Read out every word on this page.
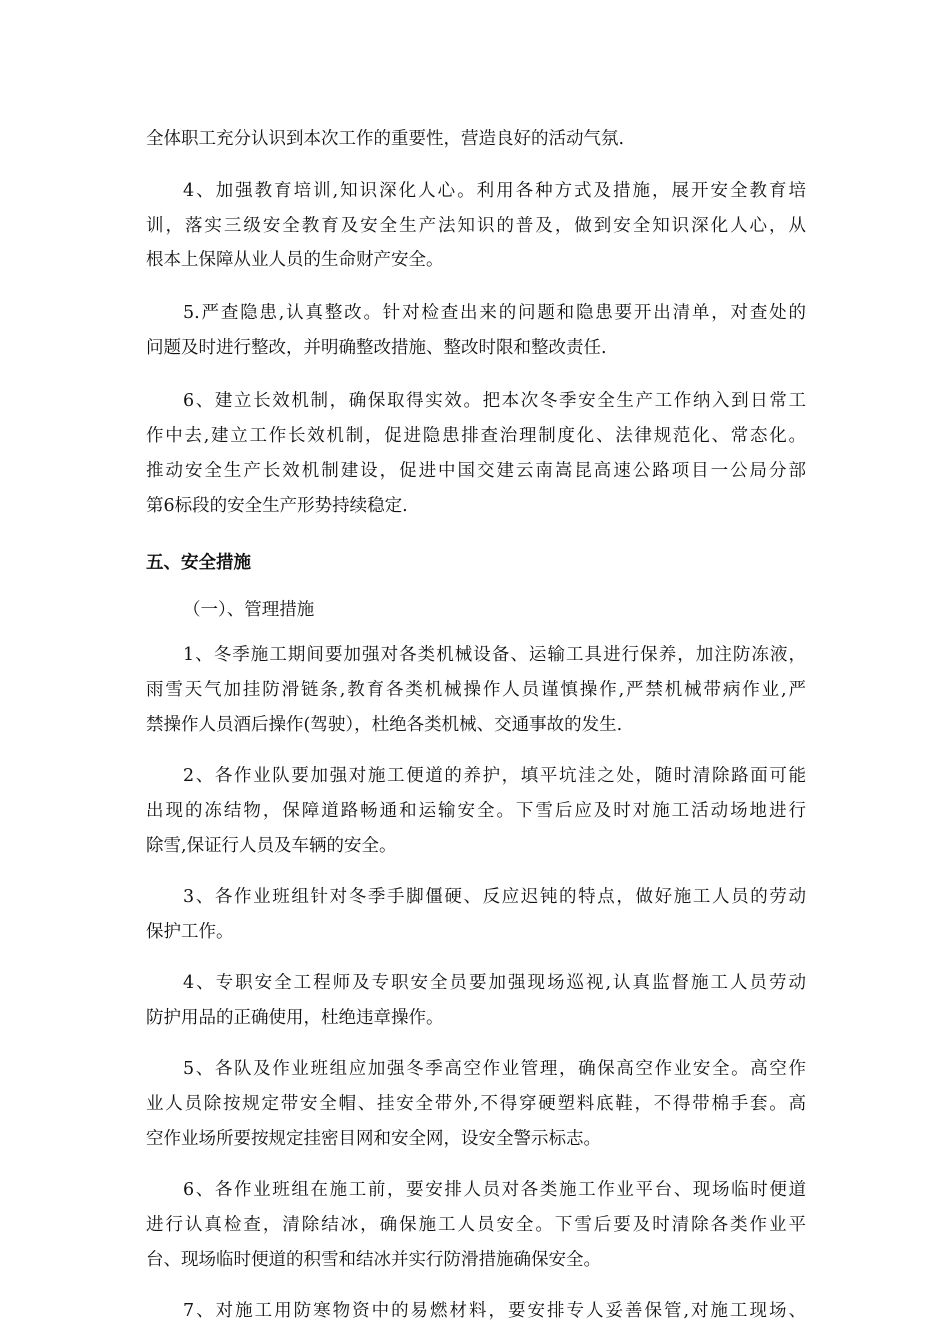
全体职工充分认识到本次工作的重要性，营造良好的活动气氛.
4、加强教育培训,知识深化人心。利用各种方式及措施，展开安全教育培
训，落实三级安全教育及安全生产法知识的普及，做到安全知识深化人心，从
根本上保障从业人员的生命财产安全。
5.严查隐患,认真整改。针对检查出来的问题和隐患要开出清单，对查处的
问题及时进行整改，并明确整改措施、整改时限和整改责任.
6、建立长效机制，确保取得实效。把本次冬季安全生产工作纳入到日常工
作中去,建立工作长效机制，促进隐患排查治理制度化、法律规范化、常态化。
推动安全生产长效机制建设，促进中国交建云南嵩昆高速公路项目一公局分部
第6标段的安全生产形势持续稳定.
五、安全措施
（一）、管理措施
1、冬季施工期间要加强对各类机械设备、运输工具进行保养，加注防冻液，
雨雪天气加挂防滑链条,教育各类机械操作人员谨慎操作,严禁机械带病作业,严
禁操作人员酒后操作(驾驶），杜绝各类机械、交通事故的发生.
2、各作业队要加强对施工便道的养护，填平坑洼之处，随时清除路面可能
出现的冻结物，保障道路畅通和运输安全。下雪后应及时对施工活动场地进行
除雪,保证行人员及车辆的安全。
3、各作业班组针对冬季手脚僵硬、反应迟钝的特点，做好施工人员的劳动
保护工作。
4、专职安全工程师及专职安全员要加强现场巡视,认真监督施工人员劳动
防护用品的正确使用，杜绝违章操作。
5、各队及作业班组应加强冬季高空作业管理，确保高空作业安全。高空作
业人员除按规定带安全帽、挂安全带外,不得穿硬塑料底鞋，不得带棉手套。高
空作业场所要按规定挂密目网和安全网，设安全警示标志。
6、各作业班组在施工前，要安排人员对各类施工作业平台、现场临时便道
进行认真检查，清除结冰，确保施工人员安全。下雪后要及时清除各类作业平
台、现场临时便道的积雪和结冰并实行防滑措施确保安全。
7、对施工用防寒物资中的易燃材料，要安排专人妥善保管,对施工现场、
